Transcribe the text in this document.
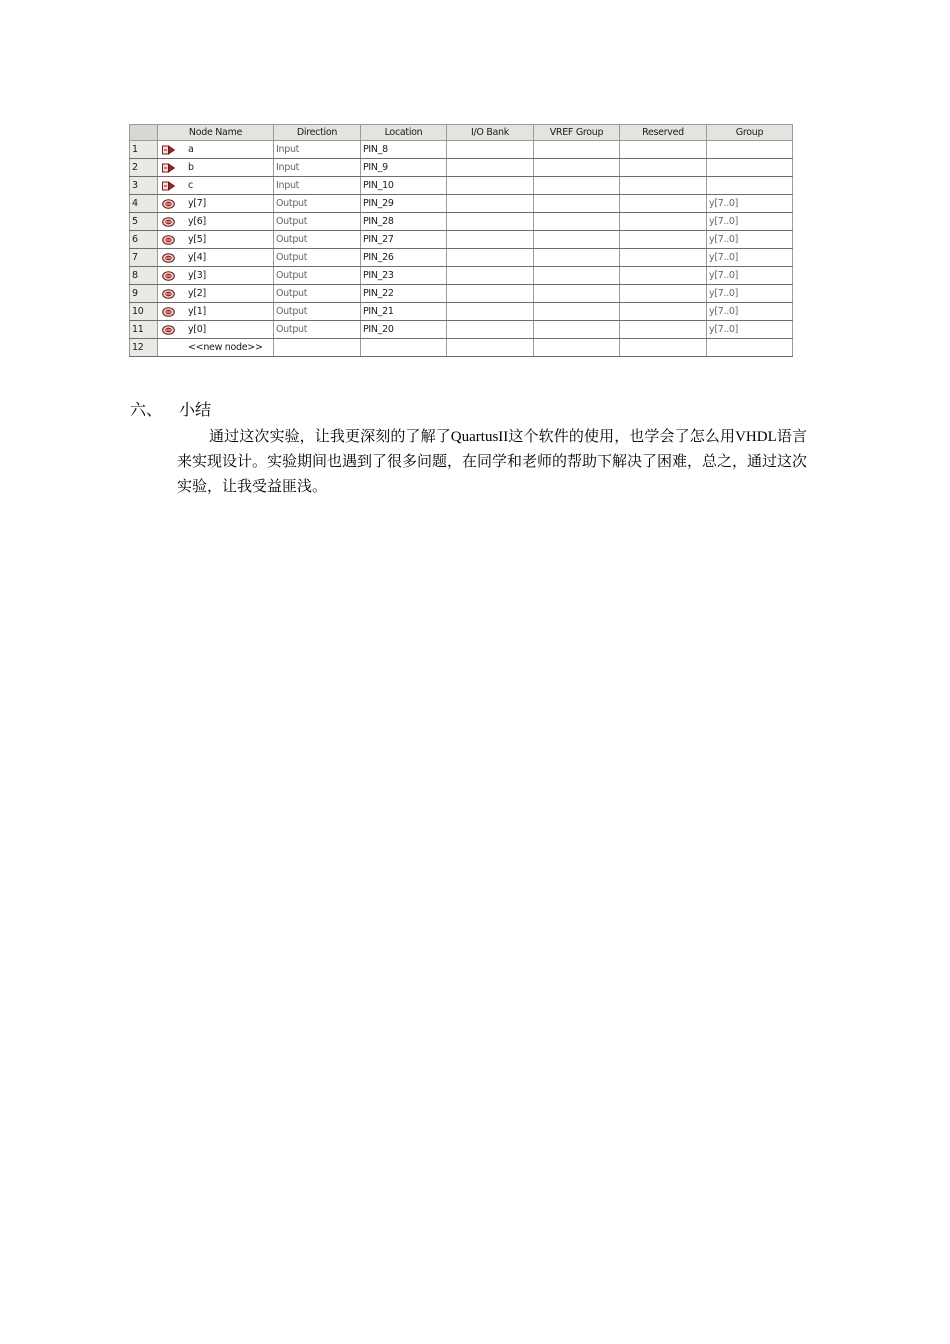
	Node Name	Direction	Location	I/O Bank	VREF Group	Reserved	Group
1	a	Input	PIN_8				
2	b	Input	PIN_9				
3	c	Input	PIN_10				
4	y[7]	Output	PIN_29				y[7..0]
5	y[6]	Output	PIN_28				y[7..0]
6	y[5]	Output	PIN_27				y[7..0]
7	y[4]	Output	PIN_26				y[7..0]
8	y[3]	Output	PIN_23				y[7..0]
9	y[2]	Output	PIN_22				y[7..0]
10	y[1]	Output	PIN_21				y[7..0]
11	y[0]	Output	PIN_20				y[7..0]
12	<<new node>>						
六、 小结

通过这次实验，让我更深刻的了解了QuartusII这个软件的使用，也学会了怎么用VHDL语言来实现设计。实验期间也遇到了很多问题，在同学和老师的帮助下解决了困难，总之，通过这次实验，让我受益匪浅。
